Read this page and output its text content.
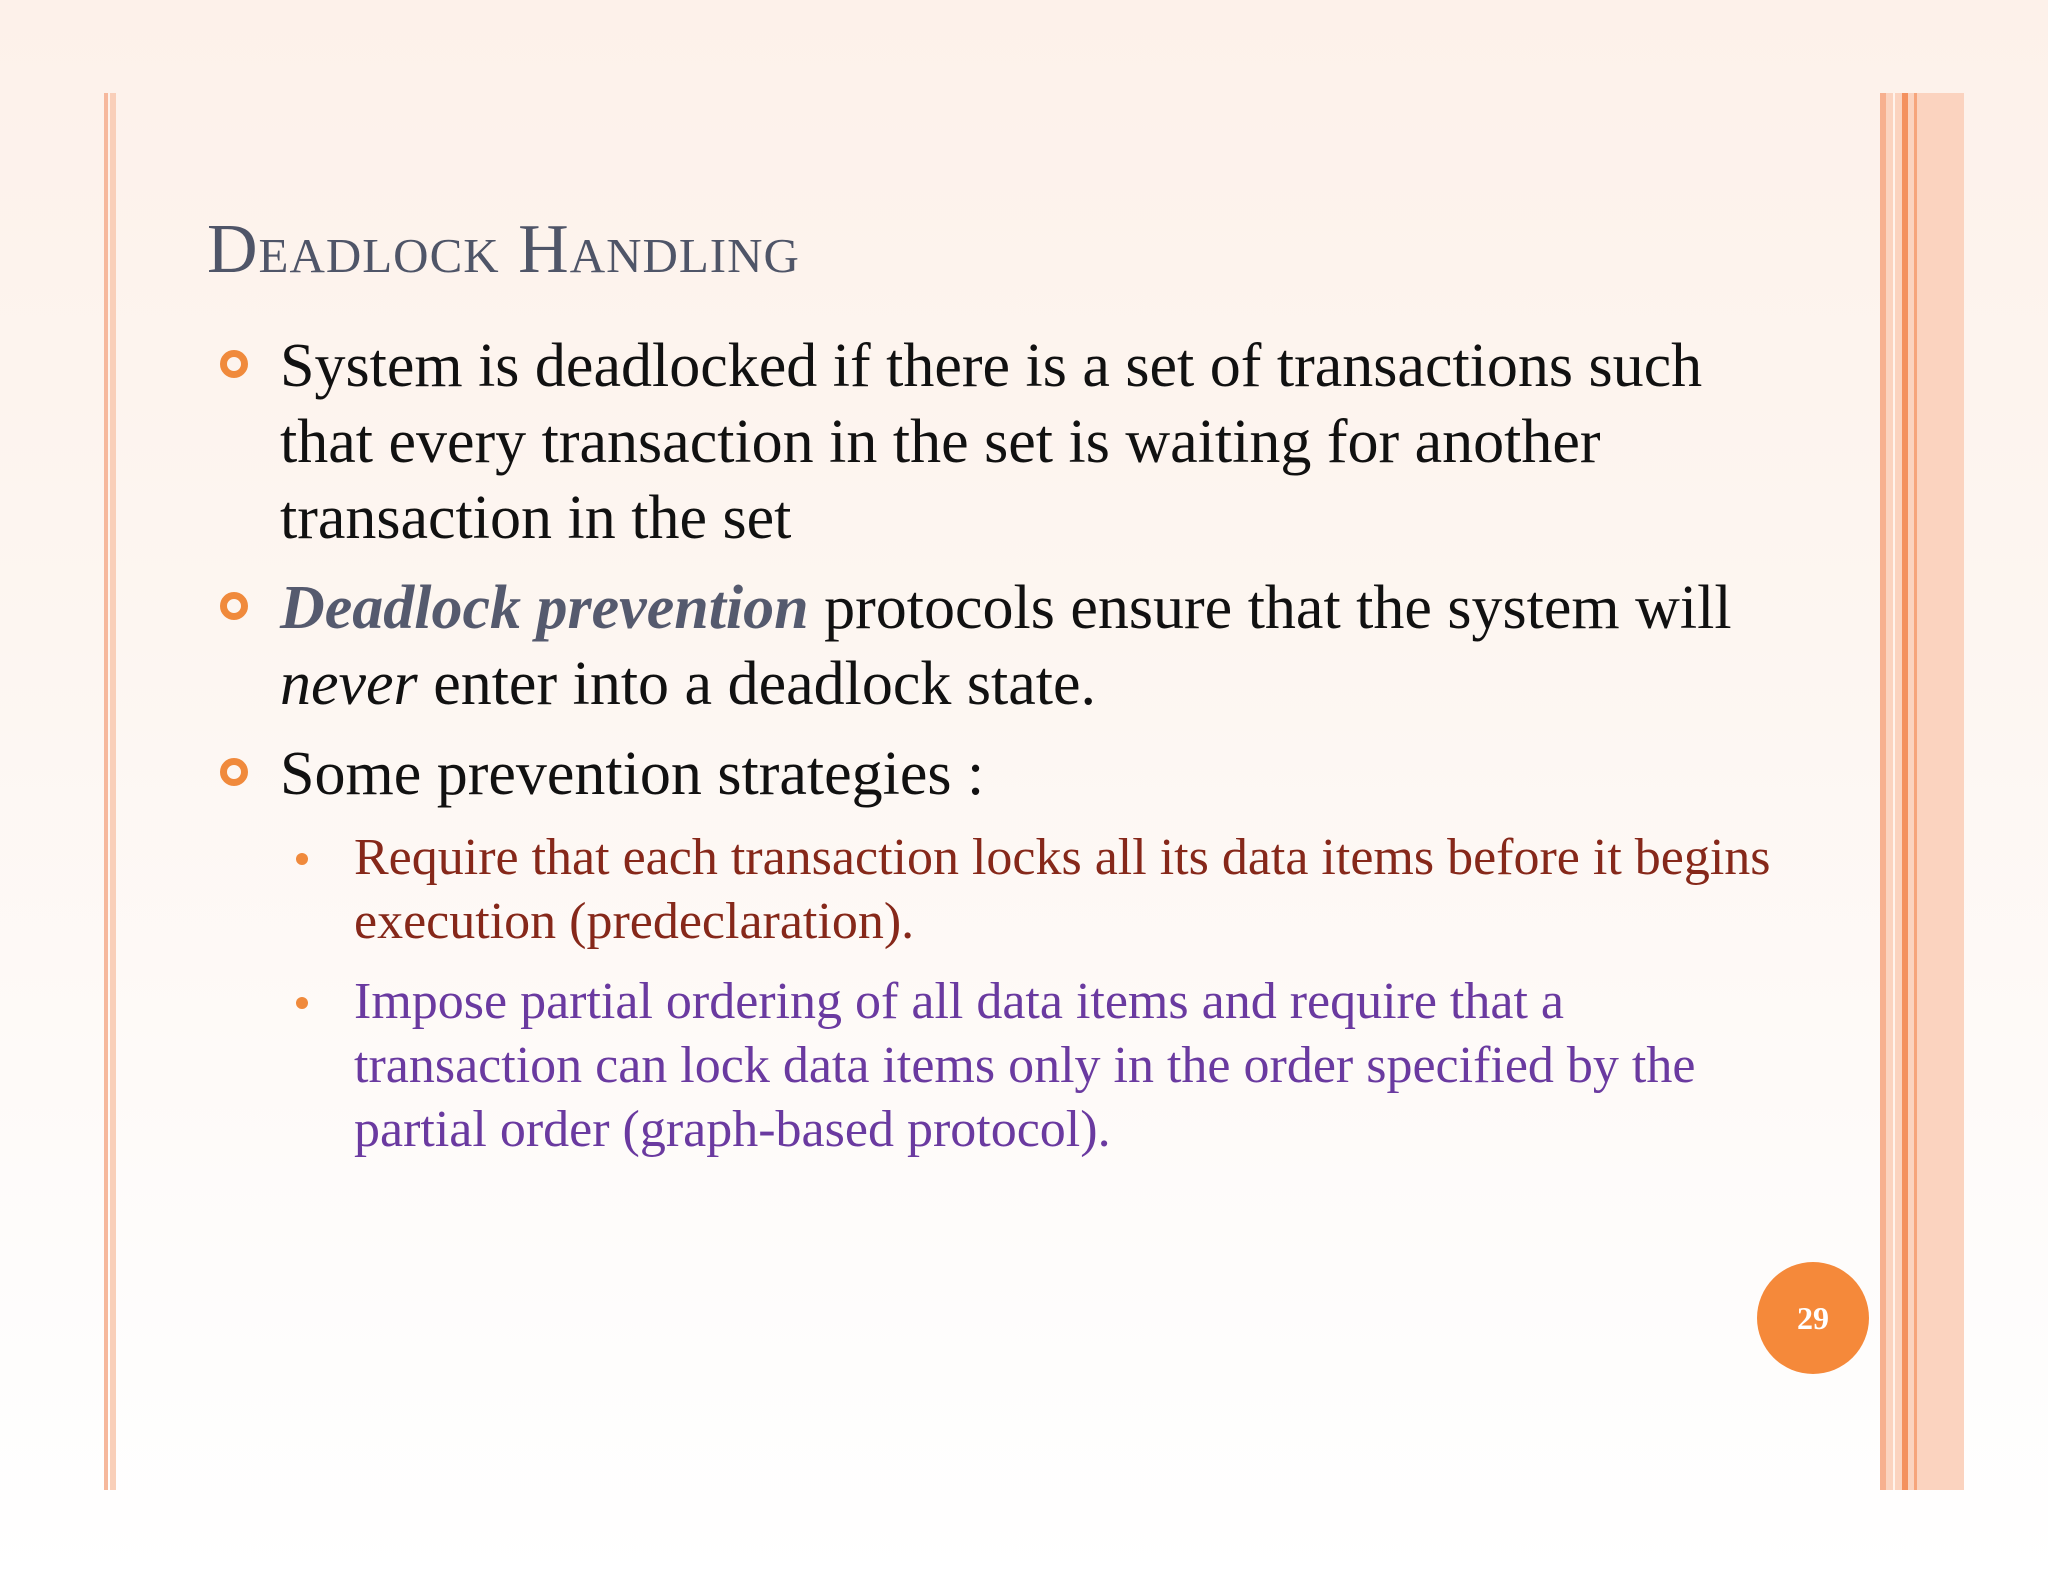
Deadlock Handling
System is deadlocked if there is a set of transactions such that every transaction in the set is waiting for another transaction in the set
Deadlock prevention protocols ensure that the system will never enter into a deadlock state.
Some prevention strategies :
Require that each transaction locks all its data items before it begins execution (predeclaration).
Impose partial ordering of all data items and require that a transaction can lock data items only in the order specified by the partial order (graph-based protocol).
29
